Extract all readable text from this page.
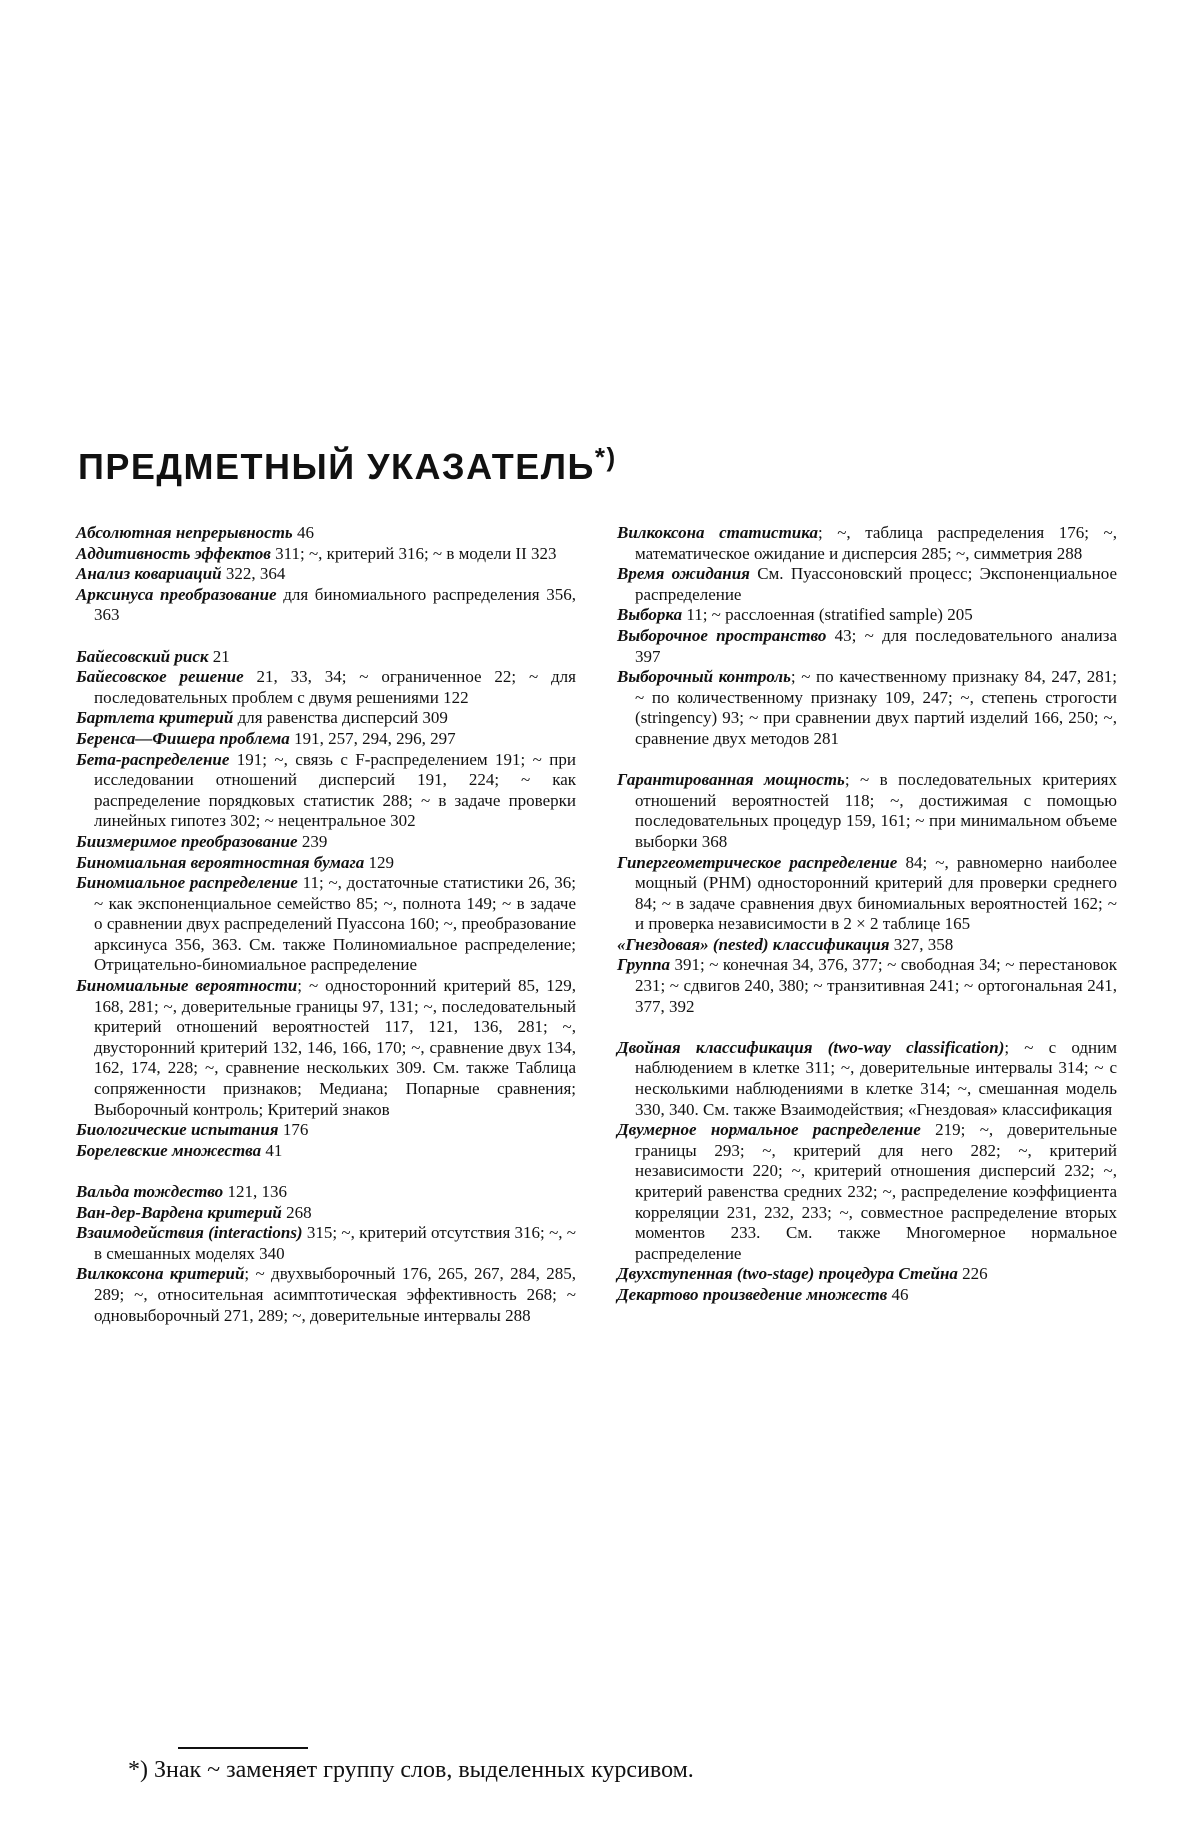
ПРЕДМЕТНЫЙ УКАЗАТЕЛЬ*)

Абсолютная непрерывность 46

Аддитивность эффектов 311; ~, критерий 316; ~ в модели II 323

Анализ ковариаций 322, 364

Арксинуса преобразование для биномиального распределения 356, 363

Байесовский риск 21

Байесовское решение 21, 33, 34; ~ ограниченное 22; ~ для последовательных проблем с двумя решениями 122

Бартлета критерий для равенства дисперсий 309

Беренса—Фишера проблема 191, 257, 294, 296, 297

Бета-распределение 191; ~, связь с F-распределением 191; ~ при исследовании отношений дисперсий 191, 224; ~ как распределение порядковых статистик 288; ~ в задаче проверки линейных гипотез 302; ~ нецентральное 302

Биизмеримое преобразование 239

Биномиальная вероятностная бумага 129

Биномиальное распределение 11; ~, достаточные статистики 26, 36; ~ как экспоненциальное семейство 85; ~, полнота 149; ~ в задаче о сравнении двух распределений Пуассона 160; ~, преобразование арксинуса 356, 363. См. также Полиномиальное распределение; Отрицательно-биномиальное распределение

Биномиальные вероятности; ~ односторонний критерий 85, 129, 168, 281; ~, доверительные границы 97, 131; ~, последовательный критерий отношений вероятностей 117, 121, 136, 281; ~, двусторонний критерий 132, 146, 166, 170; ~, сравнение двух 134, 162, 174, 228; ~, сравнение нескольких 309. См. также Таблица сопряженности признаков; Медиана; Попарные сравнения; Выборочный контроль; Критерий знаков

Биологические испытания 176

Борелевские множества 41

Вальда тождество 121, 136

Ван-дер-Вардена критерий 268

Взаимодействия (interactions) 315; ~, критерий отсутствия 316; ~, ~ в смешанных моделях 340

Вилкоксона критерий; ~ двухвыборочный 176, 265, 267, 284, 285, 289; ~, относительная асимптотическая эффективность 268; ~ одновыборочный 271, 289; ~, доверительные интервалы 288

Вилкоксона статистика; ~, таблица распределения 176; ~, математическое ожидание и дисперсия 285; ~, симметрия 288

Время ожидания См. Пуассоновский процесс; Экспоненциальное распределение

Выборка 11; ~ расслоенная (stratified sample) 205

Выборочное пространство 43; ~ для последовательного анализа 397

Выборочный контроль; ~ по качественному признаку 84, 247, 281; ~ по количественному признаку 109, 247; ~, степень строгости (stringency) 93; ~ при сравнении двух партий изделий 166, 250; ~, сравнение двух методов 281

Гарантированная мощность; ~ в последовательных критериях отношений вероятностей 118; ~, достижимая с помощью последовательных процедур 159, 161; ~ при минимальном объеме выборки 368

Гипергеометрическое распределение 84; ~, равномерно наиболее мощный (РНМ) односторонний критерий для проверки среднего 84; ~ в задаче сравнения двух биномиальных вероятностей 162; ~ и проверка независимости в 2 × 2 таблице 165

«Гнездовая» (nested) классификация 327, 358

Группа 391; ~ конечная 34, 376, 377; ~ свободная 34; ~ перестановок 231; ~ сдвигов 240, 380; ~ транзитивная 241; ~ ортогональная 241, 377, 392

Двойная классификация (two-way classification); ~ с одним наблюдением в клетке 311; ~, доверительные интервалы 314; ~ с несколькими наблюдениями в клетке 314; ~, смешанная модель 330, 340. См. также Взаимодействия; «Гнездовая» классификация

Двумерное нормальное распределение 219; ~, доверительные границы 293; ~, критерий для него 282; ~, критерий независимости 220; ~, критерий отношения дисперсий 232; ~, критерий равенства средних 232; ~, распределение коэффициента корреляции 231, 232, 233; ~, совместное распределение вторых моментов 233. См. также Многомерное нормальное распределение

Двухступенная (two-stage) процедура Стейна 226

Декартово произведение множеств 46

*) Знак ~ заменяет группу слов, выделенных курсивом.
